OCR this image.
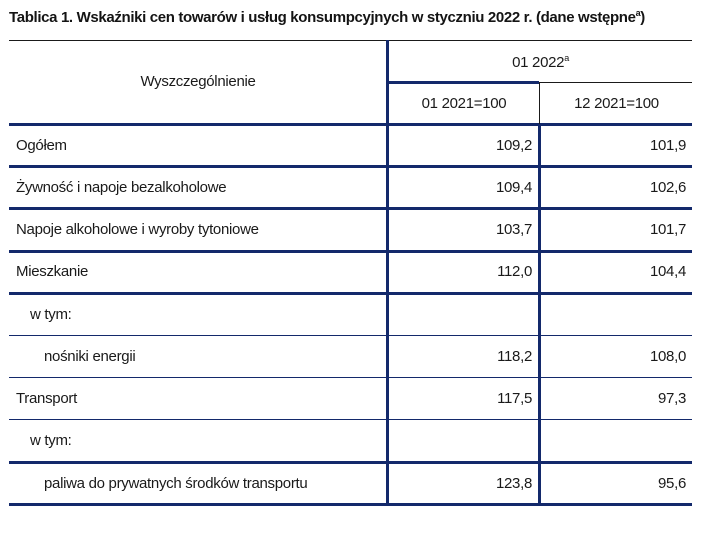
Tablica 1. Wskaźniki cen towarów i usług konsumpcyjnych w styczniu 2022 r. (dane wstępne$^a$)
Wyszczególnienie
01 2022$^a$
01 2021=100	12 2021=100
Ogółem	109,2	101,9
Żywność i napoje bezalkoholowe	109,4	102,6
Napoje alkoholowe i wyroby tytoniowe	103,7	101,7
Mieszkanie	112,0	104,4
w tym:
nośniki energii	118,2	108,0
Transport	117,5	97,3
w tym:
paliwa do prywatnych środków transportu	123,8	95,6
